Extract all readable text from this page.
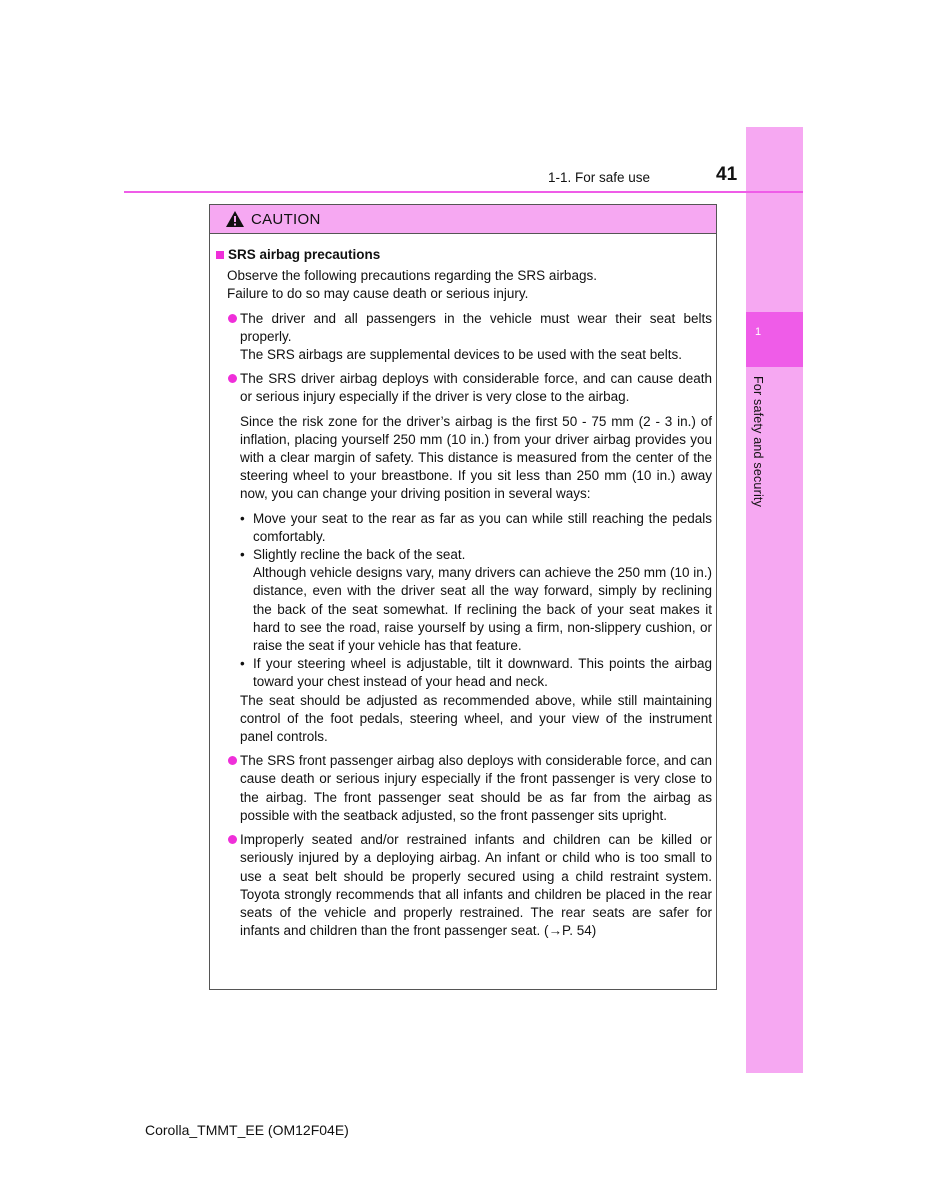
1
For safety and security
1-1. For safe use	41
CAUTION
SRS airbag precautions

Observe the following precautions regarding the SRS airbags.

Failure to do so may cause death or serious injury.

The driver and all passengers in the vehicle must wear their seat belts properly.

The SRS airbags are supplemental devices to be used with the seat belts.

The SRS driver airbag deploys with considerable force, and can cause death or serious injury especially if the driver is very close to the airbag.

Since the risk zone for the driver’s airbag is the first 50 - 75 mm (2 - 3 in.) of inflation, placing yourself 250 mm (10 in.) from your driver airbag provides you with a clear margin of safety. This distance is measured from the center of the steering wheel to your breastbone. If you sit less than 250 mm (10 in.) away now, you can change your driving position in several ways:

• Move your seat to the rear as far as you can while still reaching the pedals comfortably.
• Slightly recline the back of the seat.
Although vehicle designs vary, many drivers can achieve the 250 mm (10 in.) distance, even with the driver seat all the way forward, simply by reclining the back of the seat somewhat. If reclining the back of your seat makes it hard to see the road, raise yourself by using a firm, non-slippery cushion, or raise the seat if your vehicle has that feature.
• If your steering wheel is adjustable, tilt it downward. This points the airbag toward your chest instead of your head and neck.

The seat should be adjusted as recommended above, while still maintaining control of the foot pedals, steering wheel, and your view of the instrument panel controls.

The SRS front passenger airbag also deploys with considerable force, and can cause death or serious injury especially if the front passenger is very close to the airbag. The front passenger seat should be as far from the airbag as possible with the seatback adjusted, so the front passenger sits upright.

Improperly seated and/or restrained infants and children can be killed or seriously injured by a deploying airbag. An infant or child who is too small to use a seat belt should be properly secured using a child restraint system. Toyota strongly recommends that all infants and children be placed in the rear seats of the vehicle and properly restrained. The rear seats are safer for infants and children than the front passenger seat. (→P. 54)

Corolla_TMMT_EE (OM12F04E)
